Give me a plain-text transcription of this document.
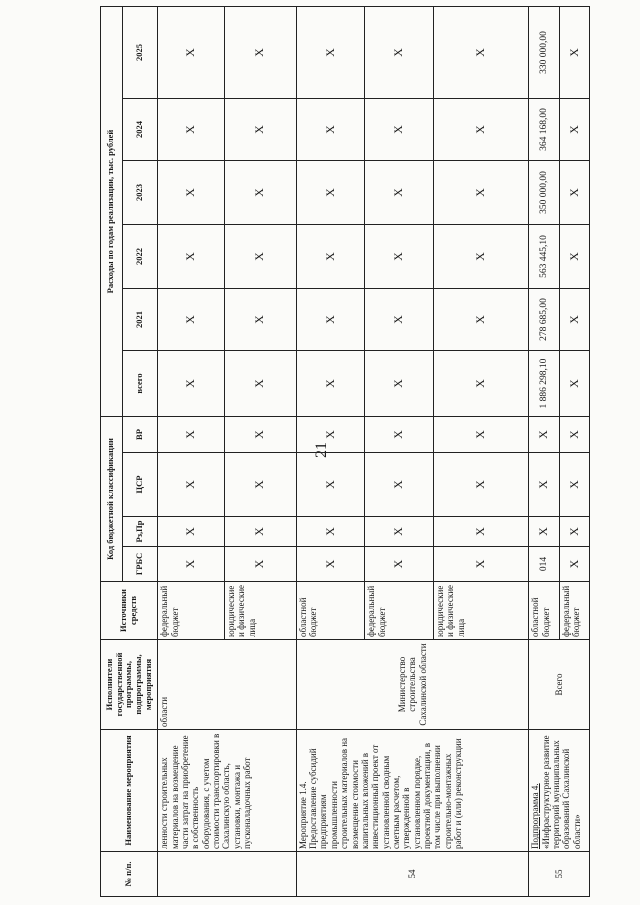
21
№ п/п.	Наименование мероприятия	Исполнители государственной программы, подпрограммы, мероприятия	Источники средств	Код бюджетной классификации				Расходы по годам реализации, тыс. рублей					
				ГРБС	Рз,Пр	ЦСР	ВР	всего	2021	2022	2023	2024	2025
	ленности строительных материалов на возмещение части затрат на приобретение в собственность оборудования, с учетом стоимости транспортировки в Сахалинскую область, установки, монтажа и пусконаладочных работ	области	федеральный бюджет	X	X	X	X	X	X	X	X	X	X
			юридические и физические лица	X	X	X	X	X	X	X	X	X	X
54	Мероприятие 1.4. Предоставление субсидий предприятиям промышленности строительных материалов на возмещение стоимости капитальных вложений в инвестиционный проект от установленной сводным сметным расчетом, утвержденной в установленном порядке, проектной документации, в том числе при выполнении строительно-монтажных работ и (или) реконструкции	Министерство строительства Сахалинской области	областной бюджет	X	X	X	X	X	X	X	X	X	X
			федеральный бюджет	X	X	X	X	X	X	X	X	X	X
			юридические и физические лица	X	X	X	X	X	X	X	X	X	X
55	Подпрограмма 4. «Инфраструктурное развитие территорий муниципальных образований Сахалинской области»	Всего	областной бюджет	014	X	X	X	1 886 298,10	278 685,00	563 445,10	350 000,00	364 168,00	330 000,00
			федеральный бюджет	X	X	X	X	X	X	X	X	X	X
